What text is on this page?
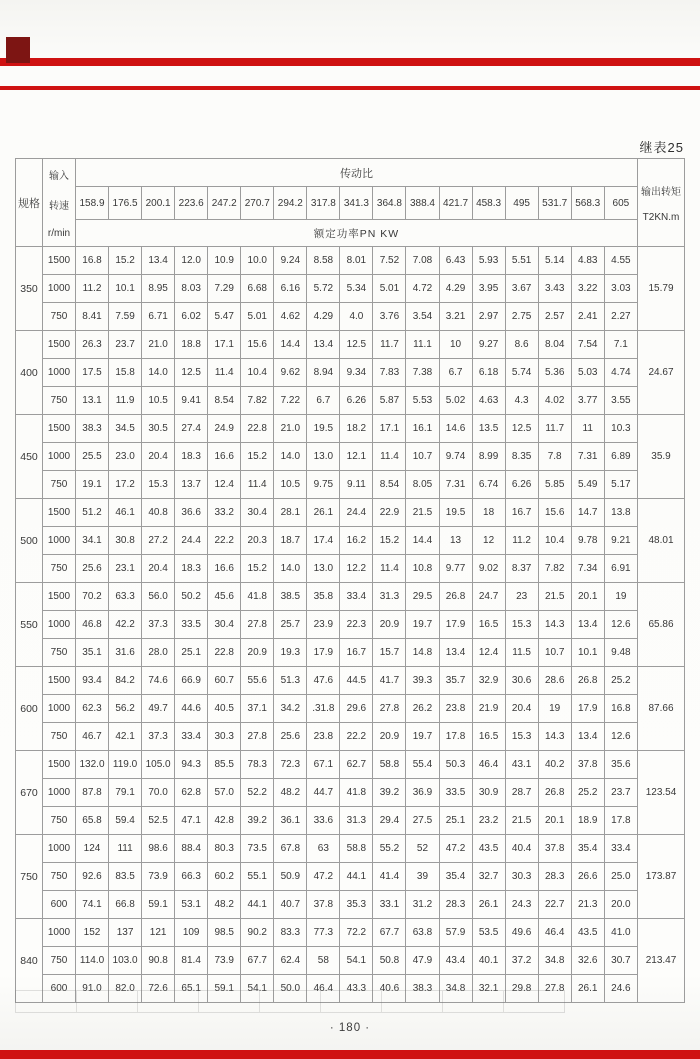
继表25
规格	输入
转速
r/min	传动比																	输出转矩
T2KN.m

		158.9	176.5	200.1	223.6	247.2	270.7	294.2	317.8	341.3	364.8	388.4	421.7	458.3	495	531.7	568.3	605	
		额定功率PN KW																	
350	1500	16.8	15.2	13.4	12.0	10.9	10.0	9.24	8.58	8.01	7.52	7.08	6.43	5.93	5.51	5.14	4.83	4.55	15.79
	1000	11.2	10.1	8.95	8.03	7.29	6.68	6.16	5.72	5.34	5.01	4.72	4.29	3.95	3.67	3.43	3.22	3.03	
	750	8.41	7.59	6.71	6.02	5.47	5.01	4.62	4.29	4.0	3.76	3.54	3.21	2.97	2.75	2.57	2.41	2.27	
400	1500	26.3	23.7	21.0	18.8	17.1	15.6	14.4	13.4	12.5	11.7	11.1	10	9.27	8.6	8.04	7.54	7.1	24.67
	1000	17.5	15.8	14.0	12.5	11.4	10.4	9.62	8.94	9.34	7.83	7.38	6.7	6.18	5.74	5.36	5.03	4.74	
	750	13.1	11.9	10.5	9.41	8.54	7.82	7.22	6.7	6.26	5.87	5.53	5.02	4.63	4.3	4.02	3.77	3.55	
450	1500	38.3	34.5	30.5	27.4	24.9	22.8	21.0	19.5	18.2	17.1	16.1	14.6	13.5	12.5	11.7	11	10.3	35.9
	1000	25.5	23.0	20.4	18.3	16.6	15.2	14.0	13.0	12.1	11.4	10.7	9.74	8.99	8.35	7.8	7.31	6.89	
	750	19.1	17.2	15.3	13.7	12.4	11.4	10.5	9.75	9.11	8.54	8.05	7.31	6.74	6.26	5.85	5.49	5.17	
500	1500	51.2	46.1	40.8	36.6	33.2	30.4	28.1	26.1	24.4	22.9	21.5	19.5	18	16.7	15.6	14.7	13.8	48.01
	1000	34.1	30.8	27.2	24.4	22.2	20.3	18.7	17.4	16.2	15.2	14.4	13	12	11.2	10.4	9.78	9.21	
	750	25.6	23.1	20.4	18.3	16.6	15.2	14.0	13.0	12.2	11.4	10.8	9.77	9.02	8.37	7.82	7.34	6.91	
550	1500	70.2	63.3	56.0	50.2	45.6	41.8	38.5	35.8	33.4	31.3	29.5	26.8	24.7	23	21.5	20.1	19	65.86
	1000	46.8	42.2	37.3	33.5	30.4	27.8	25.7	23.9	22.3	20.9	19.7	17.9	16.5	15.3	14.3	13.4	12.6	
	750	35.1	31.6	28.0	25.1	22.8	20.9	19.3	17.9	16.7	15.7	14.8	13.4	12.4	11.5	10.7	10.1	9.48	
600	1500	93.4	84.2	74.6	66.9	60.7	55.6	51.3	47.6	44.5	41.7	39.3	35.7	32.9	30.6	28.6	26.8	25.2	87.66
	1000	62.3	56.2	49.7	44.6	40.5	37.1	34.2	.31.8	29.6	27.8	26.2	23.8	21.9	20.4	19	17.9	16.8	
	750	46.7	42.1	37.3	33.4	30.3	27.8	25.6	23.8	22.2	20.9	19.7	17.8	16.5	15.3	14.3	13.4	12.6	
670	1500	132.0	119.0	105.0	94.3	85.5	78.3	72.3	67.1	62.7	58.8	55.4	50.3	46.4	43.1	40.2	37.8	35.6	123.54
	1000	87.8	79.1	70.0	62.8	57.0	52.2	48.2	44.7	41.8	39.2	36.9	33.5	30.9	28.7	26.8	25.2	23.7	
	750	65.8	59.4	52.5	47.1	42.8	39.2	36.1	33.6	31.3	29.4	27.5	25.1	23.2	21.5	20.1	18.9	17.8	
750	1000	124	111	98.6	88.4	80.3	73.5	67.8	63	58.8	55.2	52	47.2	43.5	40.4	37.8	35.4	33.4	173.87
	750	92.6	83.5	73.9	66.3	60.2	55.1	50.9	47.2	44.1	41.4	39	35.4	32.7	30.3	28.3	26.6	25.0	
	600	74.1	66.8	59.1	53.1	48.2	44.1	40.7	37.8	35.3	33.1	31.2	28.3	26.1	24.3	22.7	21.3	20.0	
840	1000	152	137	121	109	98.5	90.2	83.3	77.3	72.2	67.7	63.8	57.9	53.5	49.6	46.4	43.5	41.0	213.47
	750	114.0	103.0	90.8	81.4	73.9	67.7	62.4	58	54.1	50.8	47.9	43.4	40.1	37.2	34.8	32.6	30.7	
	600	91.0	82.0	72.6	65.1	59.1	54.1	50.0	46.4	43.3	40.6	38.3	34.8	32.1	29.8	27.8	26.1	24.6	
· 180 ·
